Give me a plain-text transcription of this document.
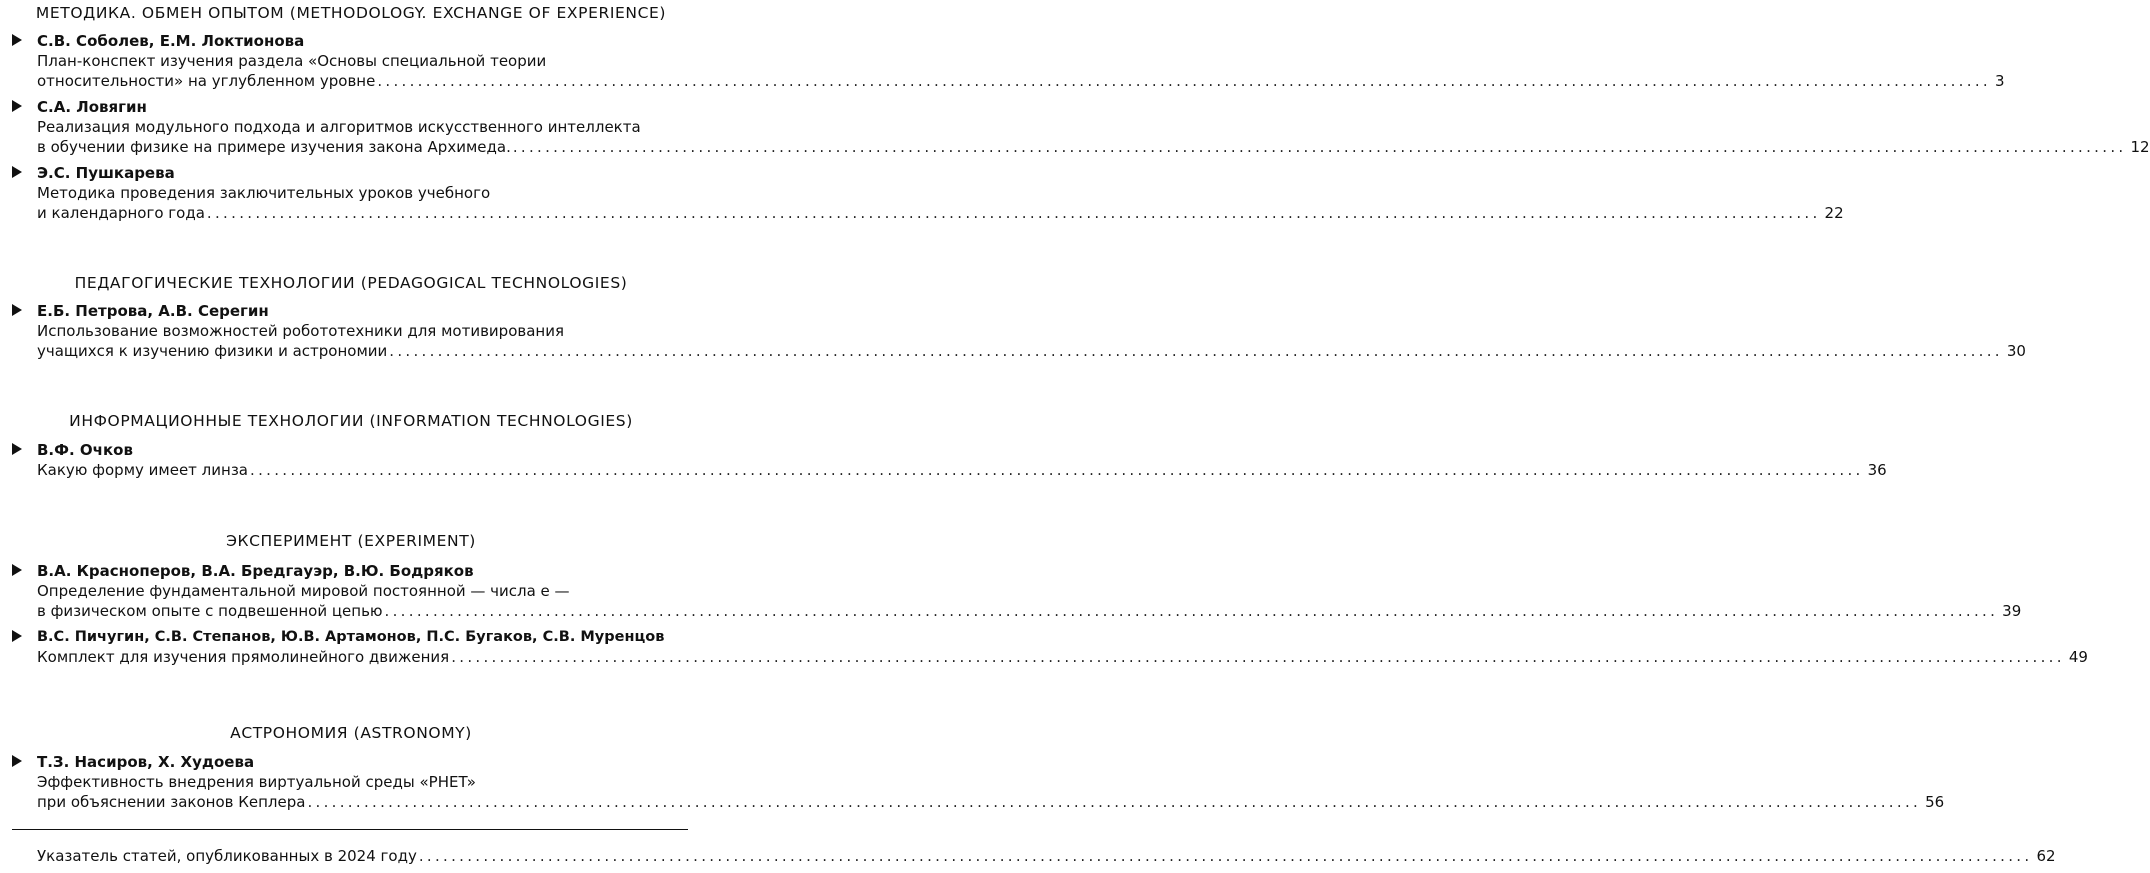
МЕТОДИКА. ОБМЕН ОПЫТОМ (METHODOLOGY. EXCHANGE OF EXPERIENCE)
С.В. Соболев, Е.М. Локтионова
План-конспект изучения раздела «Основы специальной теории
относительности» на углубленном уровне ........................................................................................................................................................................................................ 3
С.А. Ловягин
Реализация модульного подхода и алгоритмов искусственного интеллекта
в обучении физике на примере изучения закона Архимеда. ........................................................................................................................................................................................................ 12
Э.С. Пушкарева
Методика проведения заключительных уроков учебного
и календарного года ........................................................................................................................................................................................................ 22
ПЕДАГОГИЧЕСКИЕ ТЕХНОЛОГИИ (PEDAGOGICAL TECHNOLOGIES)
Е.Б. Петрова, А.В. Серегин
Использование возможностей робототехники для мотивирования
учащихся к изучению физики и астрономии ........................................................................................................................................................................................................ 30
ИНФОРМАЦИОННЫЕ ТЕХНОЛОГИИ (INFORMATION TECHNOLOGIES)
В.Ф. Очков
Какую форму имеет линза ........................................................................................................................................................................................................ 36
ЭКСПЕРИМЕНТ (EXPERIMENT)
В.А. Красноперов, В.А. Бредгауэр, В.Ю. Бодряков
Определение фундаментальной мировой постоянной — числа e —
в физическом опыте с подвешенной цепью ........................................................................................................................................................................................................ 39
В.С. Пичугин, С.В. Степанов, Ю.В. Артамонов, П.С. Бугаков, С.В. Муренцов
Комплект для изучения прямолинейного движения ........................................................................................................................................................................................................ 49
АСТРОНОМИЯ (ASTRONOMY)
Т.З. Насиров, Х. Худоева
Эффективность внедрения виртуальной среды «PHET»
при объяснении законов Кеплера ........................................................................................................................................................................................................ 56
Указатель статей, опубликованных в 2024 году ........................................................................................................................................................................................................ 62
